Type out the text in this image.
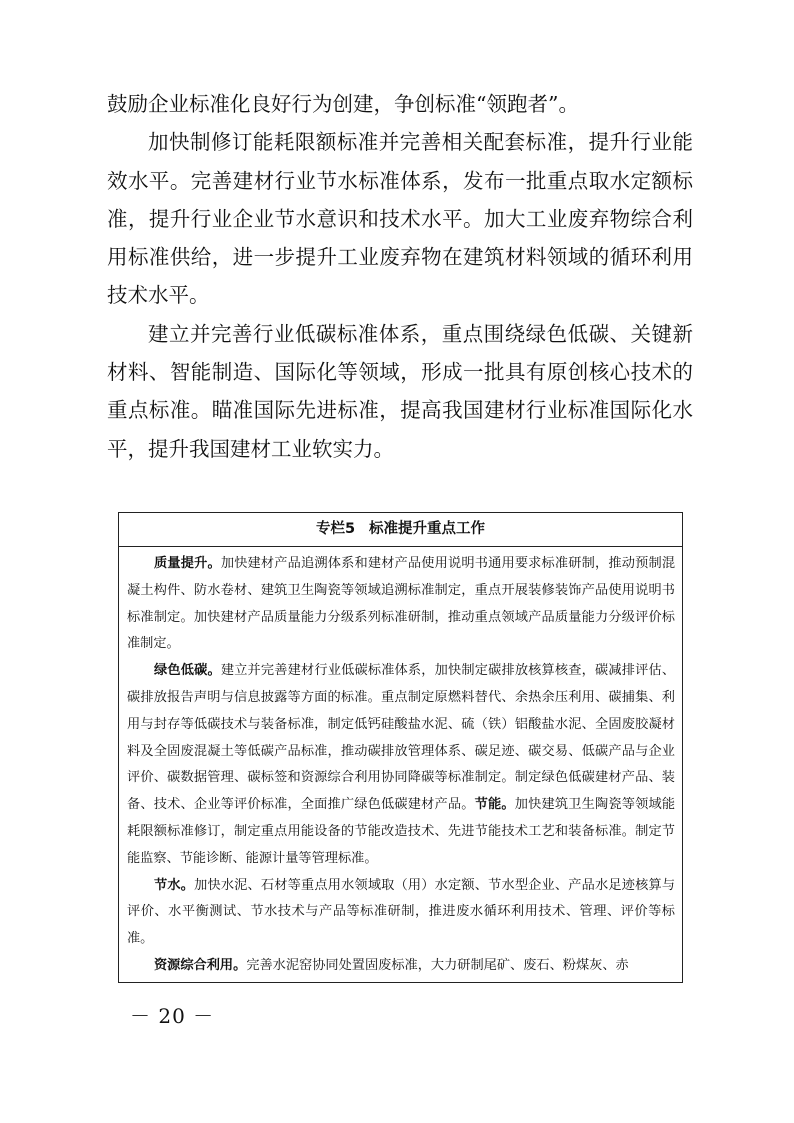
鼓励企业标准化良好行为创建，争创标准“领跑者”。

加快制修订能耗限额标准并完善相关配套标准，提升行业能效水平。完善建材行业节水标准体系，发布一批重点取水定额标准，提升行业企业节水意识和技术水平。加大工业废弃物综合利用标准供给，进一步提升工业废弃物在建筑材料领域的循环利用技术水平。

建立并完善行业低碳标准体系，重点围绕绿色低碳、关键新材料、智能制造、国际化等领域，形成一批具有原创核心技术的重点标准。瞄准国际先进标准，提高我国建材行业标准国际化水平，提升我国建材工业软实力。

专栏5 标准提升重点工作

质量提升。加快建材产品追溯体系和建材产品使用说明书通用要求标准研制，推动预制混凝土构件、防水卷材、建筑卫生陶瓷等领域追溯标准制定，重点开展装修装饰产品使用说明书标准制定。加快建材产品质量能力分级系列标准研制，推动重点领域产品质量能力分级评价标准制定。

绿色低碳。建立并完善建材行业低碳标准体系，加快制定碳排放核算核查，碳减排评估、碳排放报告声明与信息披露等方面的标准。重点制定原燃料替代、余热余压利用、碳捕集、利用与封存等低碳技术与装备标准，制定低钙硅酸盐水泥、硫（铁）铝酸盐水泥、全固废胶凝材料及全固废混凝土等低碳产品标准，推动碳排放管理体系、碳足迹、碳交易、低碳产品与企业评价、碳数据管理、碳标签和资源综合利用协同降碳等标准制定。制定绿色低碳建材产品、装备、技术、企业等评价标准，全面推广绿色低碳建材产品。节能。加快建筑卫生陶瓷等领域能耗限额标准修订，制定重点用能设备的节能改造技术、先进节能技术工艺和装备标准。制定节能监察、节能诊断、能源计量等管理标准。

节水。加快水泥、石材等重点用水领域取（用）水定额、节水型企业、产品水足迹核算与评价、水平衡测试、节水技术与产品等标准研制，推进废水循环利用技术、管理、评价等标准。

资源综合利用。完善水泥窑协同处置固废标准，大力研制尾矿、废石、粉煤灰、赤

－ 20 －
